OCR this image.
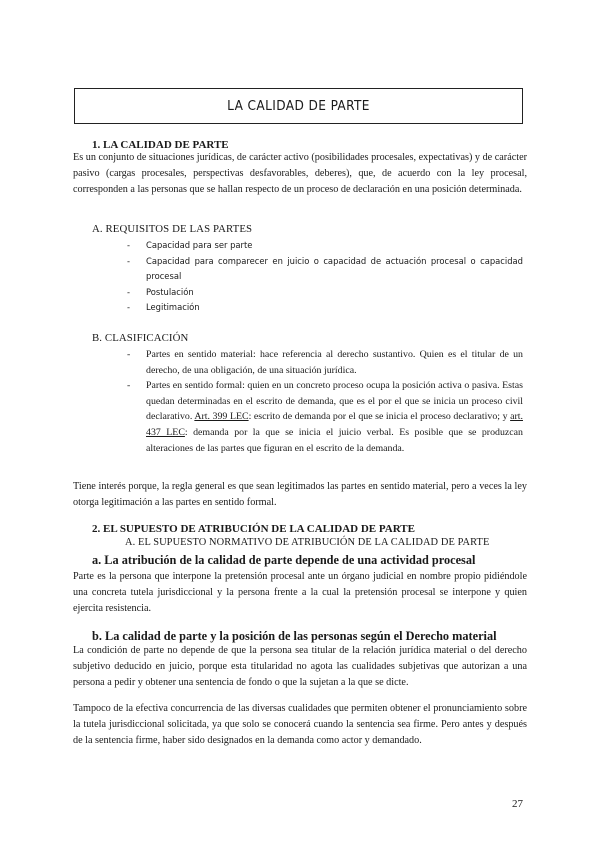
LA CALIDAD DE PARTE
1. LA CALIDAD DE PARTE
Es un conjunto de situaciones jurídicas, de carácter activo (posibilidades procesales, expectativas) y de carácter pasivo (cargas procesales, perspectivas desfavorables, deberes), que, de acuerdo con la ley procesal, corresponden a las personas que se hallan respecto de un proceso de declaración en una posición determinada.
A. REQUISITOS DE LAS PARTES
-	Capacidad para ser parte
-	Capacidad para comparecer en juicio o capacidad de actuación procesal o capacidad procesal
-	Postulación
-	Legitimación
B. CLASIFICACIÓN
-	Partes en sentido material: hace referencia al derecho sustantivo. Quien es el titular de un derecho, de una obligación, de una situación jurídica.
-	Partes en sentido formal: quien en un concreto proceso ocupa la posición activa o pasiva. Estas quedan determinadas en el escrito de demanda, que es el por el que se inicia un proceso civil declarativo. Art. 399 LEC: escrito de demanda por el que se inicia el proceso declarativo; y art. 437 LEC: demanda por la que se inicia el juicio verbal. Es posible que se produzcan alteraciones de las partes que figuran en el escrito de la demanda.
Tiene interés porque, la regla general es que sean legitimados las partes en sentido material, pero a veces la ley otorga legitimación a las partes en sentido formal.
2. EL SUPUESTO DE ATRIBUCIÓN DE LA CALIDAD DE PARTE
A. EL SUPUESTO NORMATIVO DE ATRIBUCIÓN DE LA CALIDAD DE PARTE
a. La atribución de la calidad de parte depende de una actividad procesal
Parte es la persona que interpone la pretensión procesal ante un órgano judicial en nombre propio pidiéndole una concreta tutela jurisdiccional y la persona frente a la cual la pretensión procesal se interpone y quien ejercita resistencia.
b. La calidad de parte y la posición de las personas según el Derecho material
La condición de parte no depende de que la persona sea titular de la relación jurídica material o del derecho subjetivo deducido en juicio, porque esta titularidad no agota las cualidades subjetivas que autorizan a una persona a pedir y obtener una sentencia de fondo o que la sujetan a la que se dicte.
Tampoco de la efectiva concurrencia de las diversas cualidades que permiten obtener el pronunciamiento sobre la tutela jurisdiccional solicitada, ya que solo se conocerá cuando la sentencia sea firme. Pero antes y después de la sentencia firme, haber sido designados en la demanda como actor y demandado.
27
